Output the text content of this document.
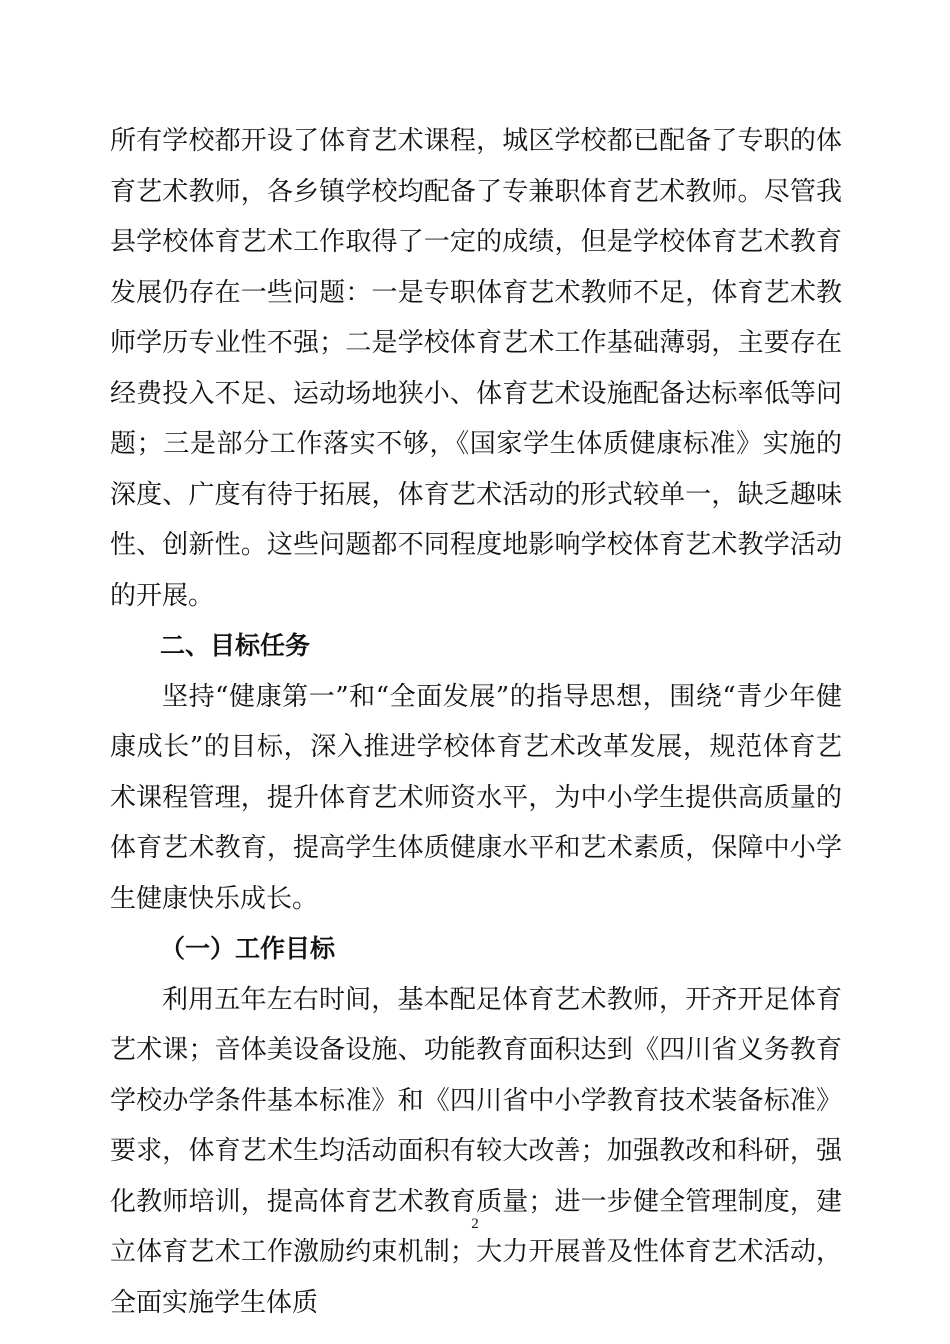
所有学校都开设了体育艺术课程，城区学校都已配备了专职的体育艺术教师，各乡镇学校均配备了专兼职体育艺术教师。尽管我县学校体育艺术工作取得了一定的成绩，但是学校体育艺术教育发展仍存在一些问题：一是专职体育艺术教师不足，体育艺术教师学历专业性不强；二是学校体育艺术工作基础薄弱，主要存在经费投入不足、运动场地狭小、体育艺术设施配备达标率低等问题；三是部分工作落实不够，《国家学生体质健康标准》实施的深度、广度有待于拓展，体育艺术活动的形式较单一，缺乏趣味性、创新性。这些问题都不同程度地影响学校体育艺术教学活动的开展。

二、目标任务

坚持“健康第一”和“全面发展”的指导思想，围绕“青少年健康成长”的目标，深入推进学校体育艺术改革发展，规范体育艺术课程管理，提升体育艺术师资水平，为中小学生提供高质量的体育艺术教育，提高学生体质健康水平和艺术素质，保障中小学生健康快乐成长。

（一）工作目标

利用五年左右时间，基本配足体育艺术教师，开齐开足体育艺术课；音体美设备设施、功能教育面积达到《四川省义务教育学校办学条件基本标准》和《四川省中小学教育技术装备标准》要求，体育艺术生均活动面积有较大改善；加强教改和科研，强化教师培训，提高体育艺术教育质量；进一步健全管理制度，建立体育艺术工作激励约束机制；大力开展普及性体育艺术活动，全面实施学生体质

2
